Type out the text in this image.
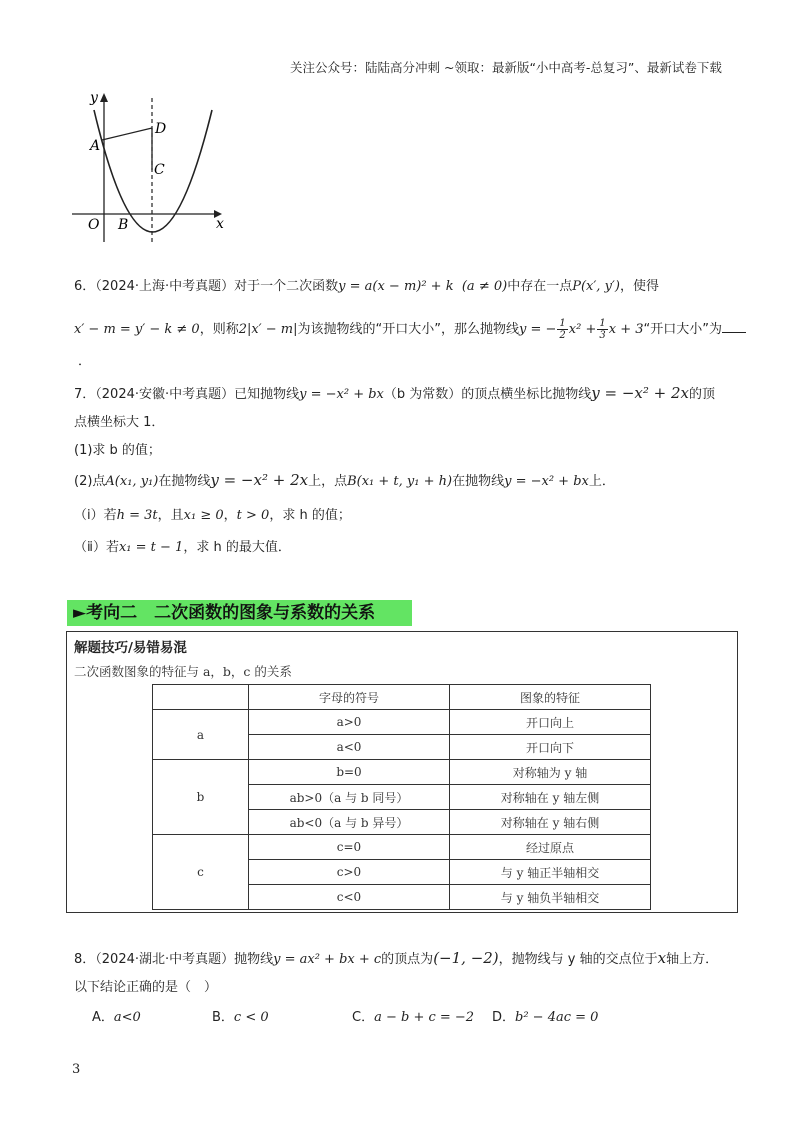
关注公众号：陆陆高分冲刺 ~领取：最新版“小中高考-总复习”、最新试卷下载
y
x
O
A
B
C
D
6．（2024·上海·中考真题）对于一个二次函数y = a(x − m)² + k (a ≠ 0)中存在一点P(x′, y′)，使得
x′ − m = y′ − k ≠ 0，则称2|x′ − m|为该抛物线的“开口大小”，那么抛物线y = − $\frac{1}{2} x^2 + \frac{1}{3}$ x + 3“开口大小”为
．
7．（2024·安徽·中考真题）已知抛物线y = −x² + bx（b 为常数）的顶点横坐标比抛物线y = −x² + 2x的顶
点横坐标大 1．
(1)求 b 的值；
(2)点A(x₁, y₁)在抛物线y = −x² + 2x上，点B(x₁ + t, y₁ + h)在抛物线y = −x² + bx上．
（ⅰ）若h = 3t，且x₁ ≥ 0，t > 0，求 h 的值；
（ⅱ）若x₁ = t − 1，求 h 的最大值．
►考向二　二次函数的图象与系数的关系
解题技巧/易错易混
二次函数图象的特征与 a，b，c 的关系
	字母的符号	图象的特征
a	a>0	开口向上
	a<0	开口向下
b	b=0	对称轴为 y 轴
	ab>0（a 与 b 同号）	对称轴在 y 轴左侧
	ab<0（a 与 b 异号）	对称轴在 y 轴右侧
c	c=0	经过原点
	c>0	与 y 轴正半轴相交
	c<0	与 y 轴负半轴相交
8．（2024·湖北·中考真题）抛物线y = ax² + bx + c的顶点为(−1, −2)，抛物线与 y 轴的交点位于x轴上方．
以下结论正确的是（　）
A．a<0	B．c < 0	C．a − b + c = −2 D．b² − 4ac = 0
3
